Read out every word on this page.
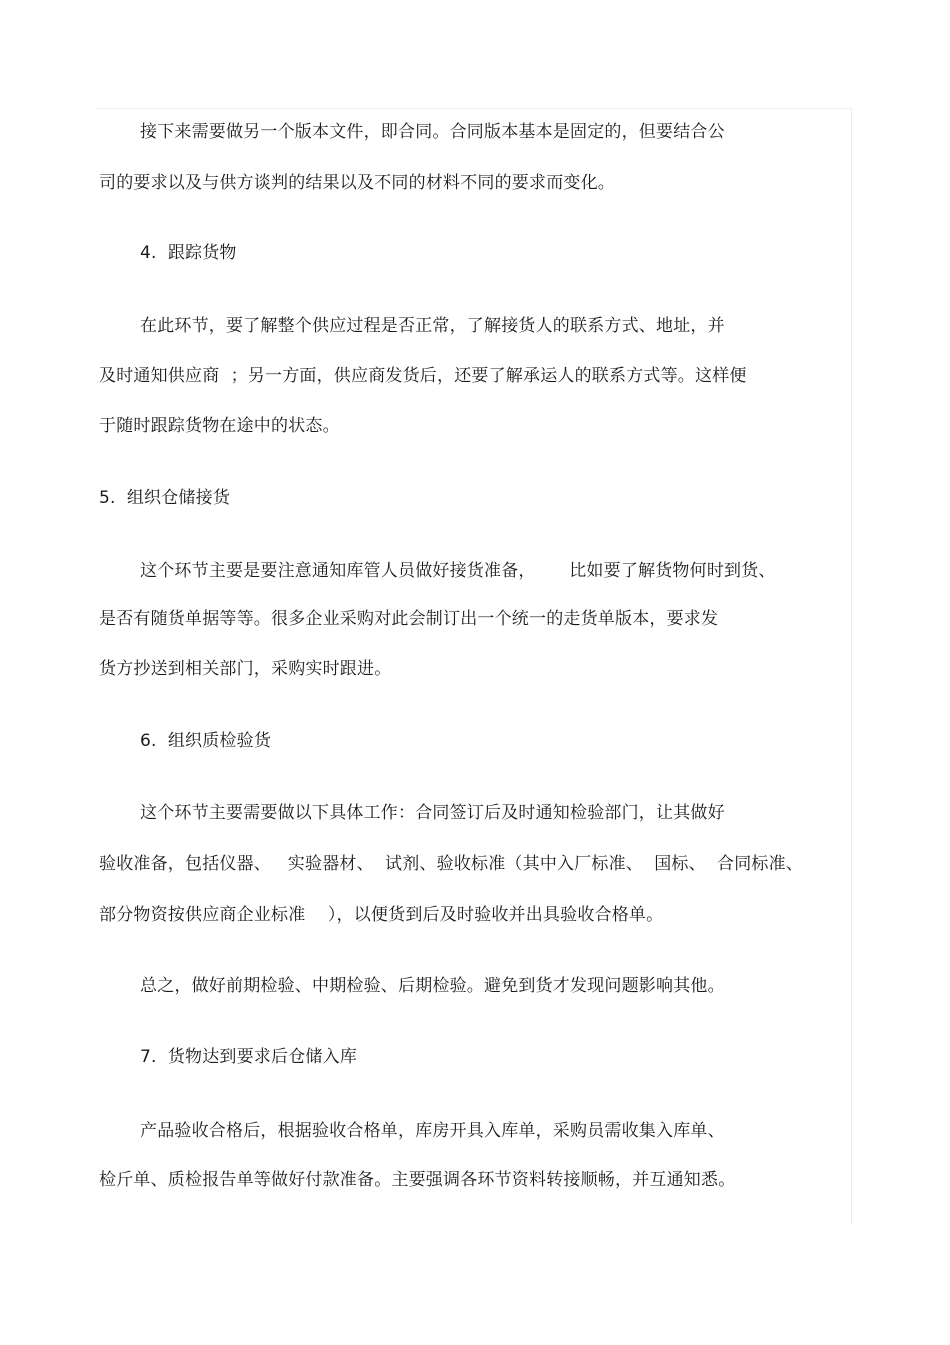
接下来需要做另一个版本文件，即合同。合同版本基本是固定的，但要结合公

司的要求以及与供方谈判的结果以及不同的材料不同的要求而变化。

4.  跟踪货物

在此环节，要了解整个供应过程是否正常，了解接货人的联系方式、地址，并

及时通知供应商  ；另一方面，供应商发货后，还要了解承运人的联系方式等。这样便

于随时跟踪货物在途中的状态。

5.  组织仓储接货

这个环节主要是要注意通知库管人员做好接货准备，      比如要了解货物何时到货、

是否有随货单据等等。很多企业采购对此会制订出一个统一的走货单版本，要求发

货方抄送到相关部门，采购实时跟进。

6.  组织质检验货

这个环节主要需要做以下具体工作：合同签订后及时通知检验部门，让其做好

验收准备，包括仪器、   实验器材、  试剂、验收标准（其中入厂标准、  国标、  合同标准、

部分物资按供应商企业标准    ），以便货到后及时验收并出具验收合格单。

总之，做好前期检验、中期检验、后期检验。避免到货才发现问题影响其他。

7.  货物达到要求后仓储入库

产品验收合格后，根据验收合格单，库房开具入库单，采购员需收集入库单、

检斤单、质检报告单等做好付款准备。主要强调各环节资料转接顺畅，并互通知悉。
